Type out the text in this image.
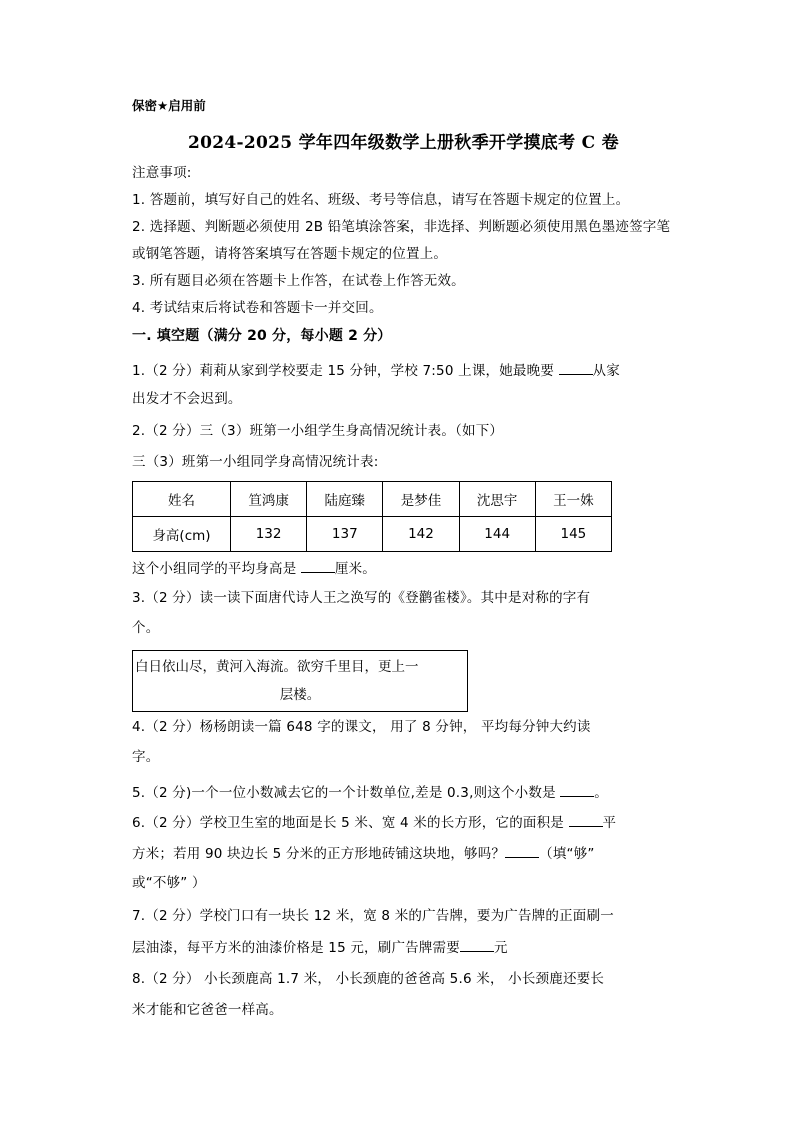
保密★启用前
2024-2025 学年四年级数学上册秋季开学摸底考 C 卷
注意事项:
1. 答题前，填写好自己的姓名、班级、考号等信息，请写在答题卡规定的位置上。
2. 选择题、判断题必须使用 2B 铅笔填涂答案，非选择、判断题必须使用黑色墨迹签字笔
或钢笔答题，请将答案填写在答题卡规定的位置上。
3. 所有题目必须在答题卡上作答，在试卷上作答无效。
4. 考试结束后将试卷和答题卡一并交回。
一. 填空题（满分 20 分，每小题 2 分）
1.（2 分）莉莉从家到学校要走 15 分钟，学校 7:50 上课，她最晚要	从家
出发才不会迟到。
2.（2 分）三（3）班第一小组学生身高情况统计表。（如下）
三（3）班第一小组同学身高情况统计表:
姓名	笪鸿康	陆庭臻	是梦佳	沈思宇	王一姝
身高(cm)	132	137	142	144	145
这个小组同学的平均身高是	厘米。
3.（2 分）读一读下面唐代诗人王之涣写的《登鹳雀楼》。其中是对称的字有
个。
白日依山尽，黄河入海流。欲穷千里目，更上一
层楼。
4.（2 分）杨杨朗读一篇 648 字的课文， 用了 8 分钟， 平均每分钟大约读
字。
5.（2 分)一个一位小数减去它的一个计数单位,差是 0.3,则这个小数是	。
6.（2 分）学校卫生室的地面是长 5 米、宽 4 米的长方形，它的面积是	平
方米；若用 90 块边长 5 分米的正方形地砖铺这块地，够吗？	（填“够”
或“不够” ）
7.（2 分）学校门口有一块长 12 米，宽 8 米的广告牌，要为广告牌的正面刷一
层油漆，每平方米的油漆价格是 15 元，刷广告牌需要	元
8.（2 分） 小长颈鹿高 1.7 米， 小长颈鹿的爸爸高 5.6 米， 小长颈鹿还要长
米才能和它爸爸一样高。
